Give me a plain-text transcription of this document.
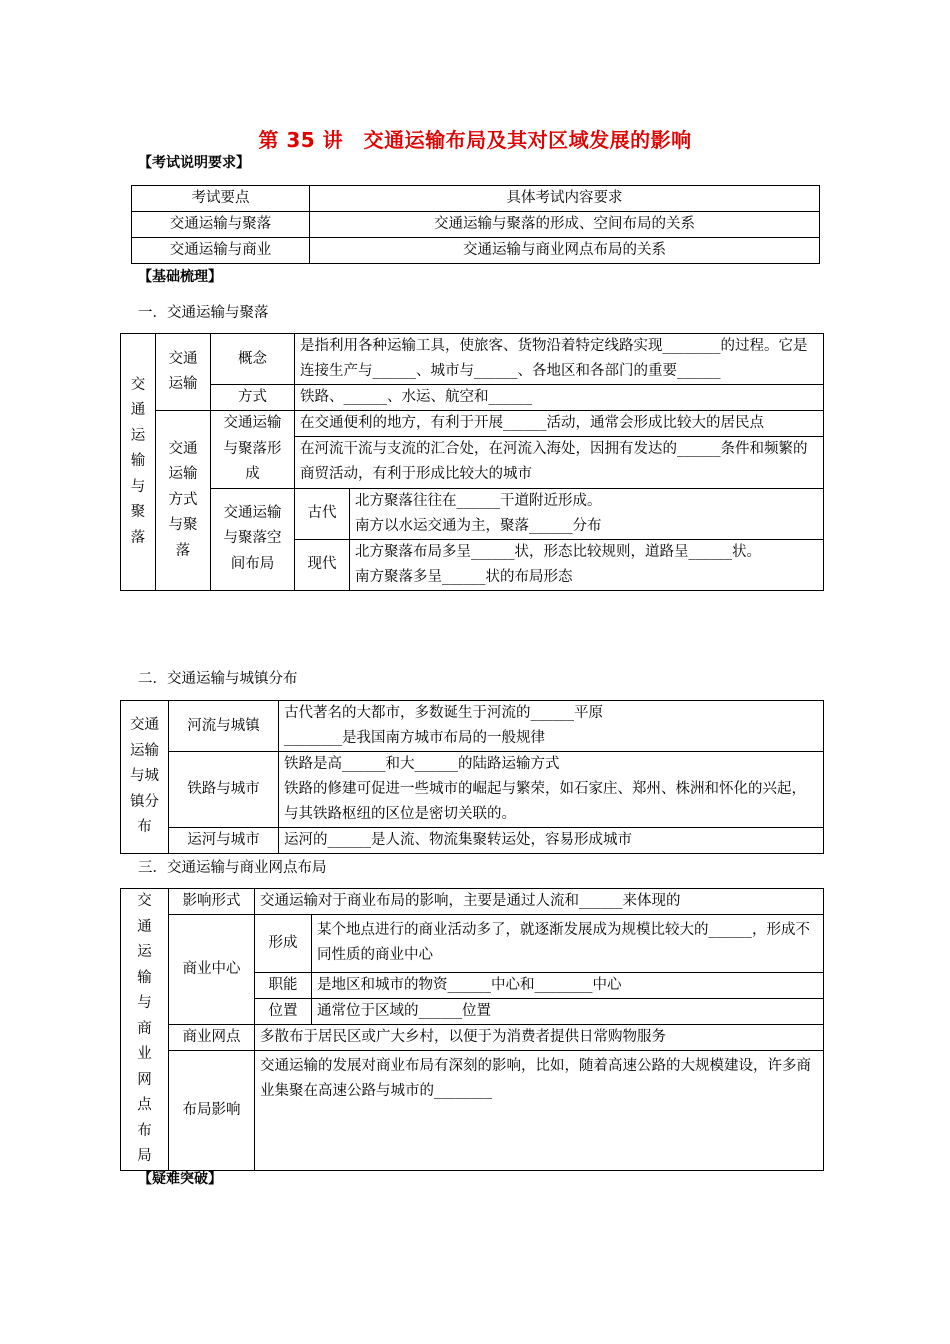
第 35 讲　交通运输布局及其对区域发展的影响
【考试说明要求】
考试要点	具体考试内容要求
交通运输与聚落	交通运输与聚落的形成、空间布局的关系
交通运输与商业	交通运输与商业网点布局的关系
【基础梳理】
一．交通运输与聚落
交通运输与聚落	交通运输	概念	是指利用各种运输工具，使旅客、货物沿着特定线路实现________的过程。它是连接生产与______、城市与______、各地区和各部门的重要______	
		方式	铁路、______、水运、航空和______	
	交通运输方式与聚落	交通运输与聚落形成	在交通便利的地方，有利于开展______活动，通常会形成比较大的居民点	
			在河流干流与支流的汇合处，在河流入海处，因拥有发达的______条件和频繁的商贸活动，有利于形成比较大的城市	
		交通运输与聚落空间布局	古代	北方聚落往往在______干道附近形成。
南方以水运交通为主，聚落______分布

			现代	北方聚落布局多呈______状，形态比较规则，道路呈______状。
南方聚落多呈______状的布局形态
二．交通运输与城镇分布
交通运输与城镇分布	河流与城镇	古代著名的大都市，多数诞生于河流的______平原
________是我国南方城市布局的一般规律

	铁路与城市	铁路是高______和大______的陆路运输方式
铁路的修建可促进一些城市的崛起与繁荣，如石家庄、郑州、株洲和怀化的兴起，与其铁路枢纽的区位是密切关联的。

	运河与城市	运河的______是人流、物流集聚转运处，容易形成城市
三．交通运输与商业网点布局
交通运输与商业网点布局	影响形式	交通运输对于商业布局的影响，主要是通过人流和______来体现的	
	商业中心	形成	某个地点进行的商业活动多了，就逐渐发展成为规模比较大的______，形成不同性质的商业中心
		职能	是地区和城市的物资______中心和________中心
		位置	通常位于区域的______位置
	商业网点	多散布于居民区或广大乡村，以便于为消费者提供日常购物服务	
	布局影响	交通运输的发展对商业布局有深刻的影响，比如，随着高速公路的大规模建设，许多商业集聚在高速公路与城市的________	
【疑难突破】
